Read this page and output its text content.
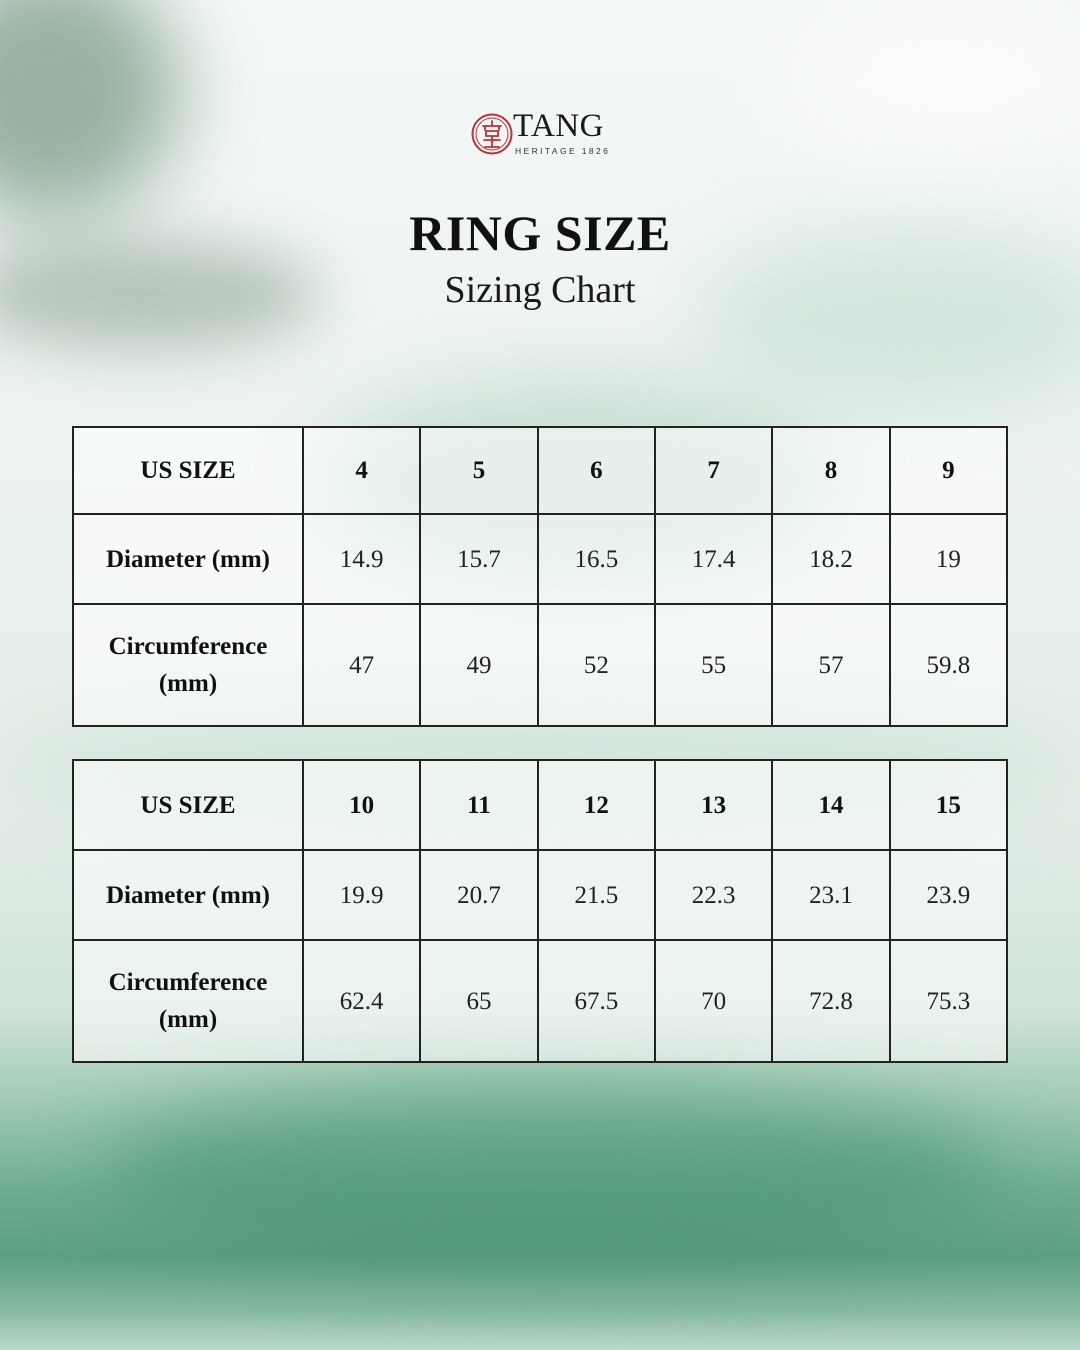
TANG
HERITAGE 1826
RING SIZE
Sizing Chart
US SIZE	4	5	6	7	8	9
Diameter (mm)	14.9	15.7	16.5	17.4	18.2	19
Circumference
(mm)	47	49	52	55	57	59.8
US SIZE	10	11	12	13	14	15
Diameter (mm)	19.9	20.7	21.5	22.3	23.1	23.9
Circumference
(mm)	62.4	65	67.5	70	72.8	75.3
